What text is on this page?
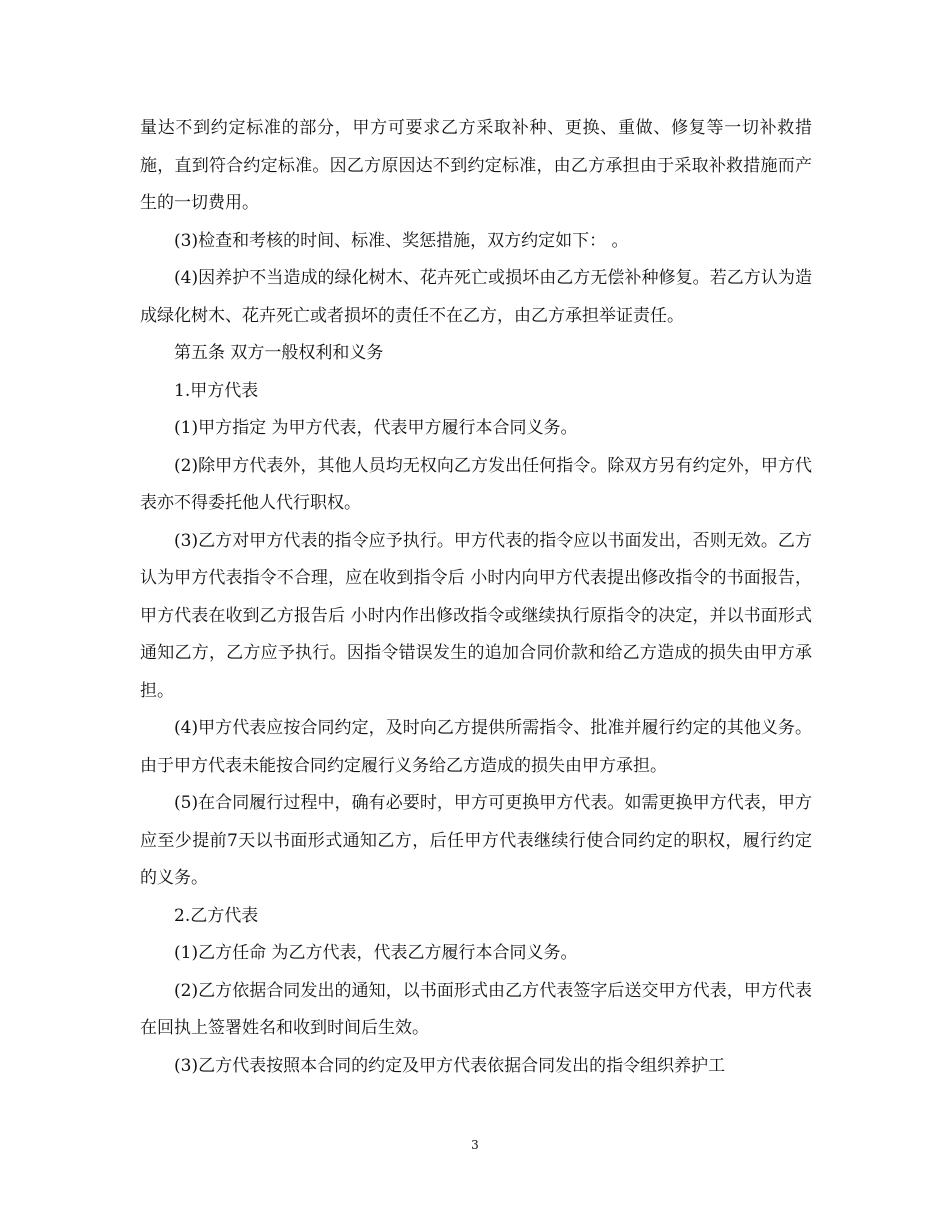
量达不到约定标准的部分，甲方可要求乙方采取补种、更换、重做、修复等一切补救措施，直到符合约定标准。因乙方原因达不到约定标准，由乙方承担由于采取补救措施而产生的一切费用。

(3)检查和考核的时间、标准、奖惩措施，双方约定如下： 。

(4)因养护不当造成的绿化树木、花卉死亡或损坏由乙方无偿补种修复。若乙方认为造成绿化树木、花卉死亡或者损坏的责任不在乙方，由乙方承担举证责任。

第五条 双方一般权利和义务

1.甲方代表

(1)甲方指定 为甲方代表，代表甲方履行本合同义务。

(2)除甲方代表外，其他人员均无权向乙方发出任何指令。除双方另有约定外，甲方代表亦不得委托他人代行职权。

(3)乙方对甲方代表的指令应予执行。甲方代表的指令应以书面发出，否则无效。乙方认为甲方代表指令不合理，应在收到指令后 小时内向甲方代表提出修改指令的书面报告，甲方代表在收到乙方报告后 小时内作出修改指令或继续执行原指令的决定，并以书面形式通知乙方，乙方应予执行。因指令错误发生的追加合同价款和给乙方造成的损失由甲方承担。

(4)甲方代表应按合同约定，及时向乙方提供所需指令、批准并履行约定的其他义务。由于甲方代表未能按合同约定履行义务给乙方造成的损失由甲方承担。

(5)在合同履行过程中，确有必要时，甲方可更换甲方代表。如需更换甲方代表，甲方应至少提前7天以书面形式通知乙方，后任甲方代表继续行使合同约定的职权，履行约定的义务。

2.乙方代表

(1)乙方任命 为乙方代表，代表乙方履行本合同义务。

(2)乙方依据合同发出的通知，以书面形式由乙方代表签字后送交甲方代表，甲方代表在回执上签署姓名和收到时间后生效。

(3)乙方代表按照本合同的约定及甲方代表依据合同发出的指令组织养护工

3
